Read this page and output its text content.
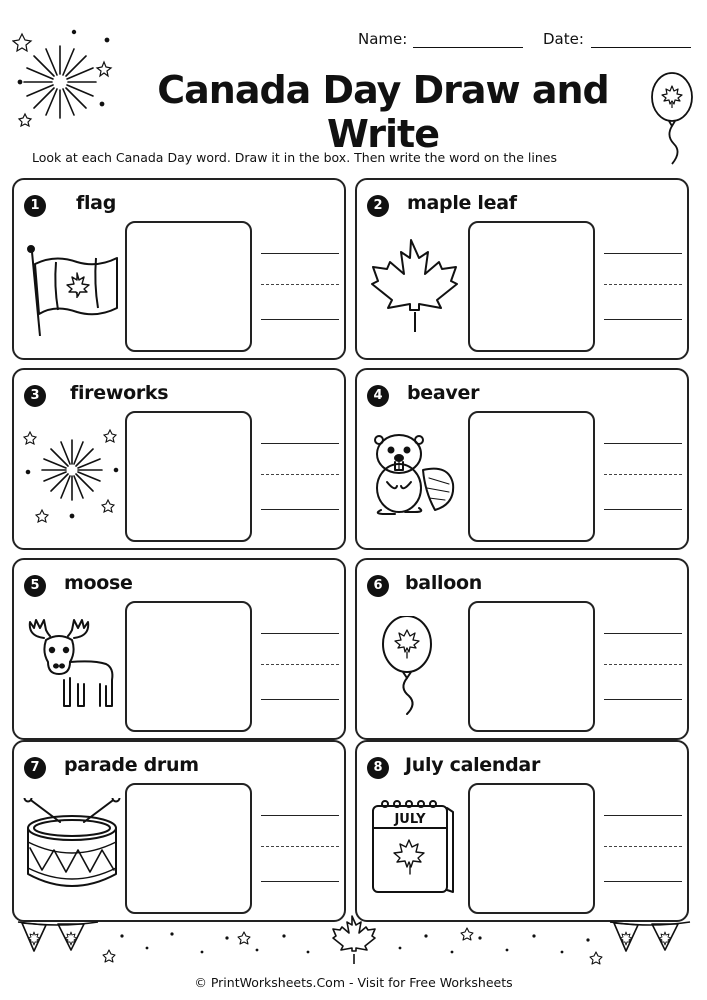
Name:	Date:
Canada Day Draw and Write
Look at each Canada Day word. Draw it in the box. Then write the word on the lines
1	flag	2	maple leaf
3	fireworks	4	beaver
5	moose	6	balloon
7	parade drum	8	July calendar
JULY
© PrintWorksheets.Com - Visit for Free Worksheets
